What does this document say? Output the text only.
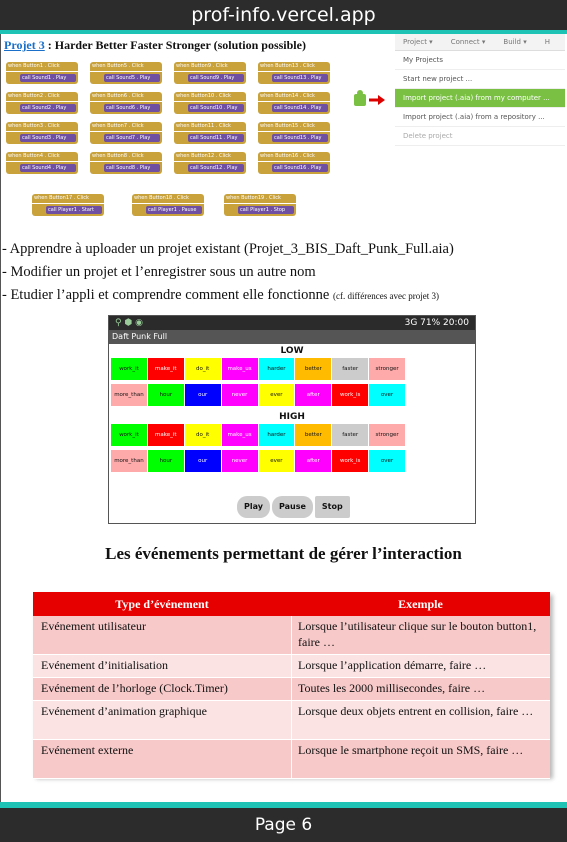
prof-info.vercel.app
Projet 3 : Harder Better Faster Stronger (solution possible)
when Button1 . Click
call Sound1 . Play
when Button5 . Click
call Sound5 . Play
when Button9 . Click
call Sound9 . Play
when Button13 . Click
call Sound13 . Play
when Button2 . Click
call Sound2 . Play
when Button6 . Click
call Sound6 . Play
when Button10 . Click
call Sound10 . Play
when Button14 . Click
call Sound14 . Play
when Button3 . Click
call Sound3 . Play
when Button7 . Click
call Sound7 . Play
when Button11 . Click
call Sound11 . Play
when Button15 . Click
call Sound15 . Play
when Button4 . Click
call Sound4 . Play
when Button8 . Click
call Sound8 . Play
when Button12 . Click
call Sound12 . Play
when Button16 . Click
call Sound16 . Play
when Button17 . Click
call Player1 . Start
when Button18 . Click
call Player1 . Pause
when Button19 . Click
call Player1 . Stop
Project ▾	Connect ▾	Build ▾	H
My Projects
Start new project ...
Import project (.aia) from my computer ...
Import project (.aia) from a repository ...
Delete project
- Apprendre à uploader un projet existant (Projet_3_BIS_Daft_Punk_Full.aia)
- Modifier un projet et l’enregistrer sous un autre nom
- Etudier l’appli et comprendre comment elle fonctionne (cf. différences avec projet 3)
⚲ ⬢ ◉	3G 71% 20:00
Daft Punk Full
LOW
work_it	make_it	do_it	make_us	harder	better	faster	stronger
more_than	hour	our	never	ever	after	work_is	over
HIGH
work_it	make_it	do_it	make_us	harder	better	faster	stronger
more_than	hour	our	never	ever	after	work_is	over
Play	Pause	Stop
Les événements permettant de gérer l’interaction
Type d’événement	Exemple
Evénement utilisateur	Lorsque l’utilisateur clique sur le bouton button1, faire …
Evénement d’initialisation	Lorsque l’application démarre, faire …
Evénement de l’horloge (Clock.Timer)	Toutes les 2000 millisecondes, faire …
Evénement d’animation graphique	Lorsque deux objets entrent en collision, faire …
Evénement externe	Lorsque le smartphone reçoit un SMS, faire …
Page 6
